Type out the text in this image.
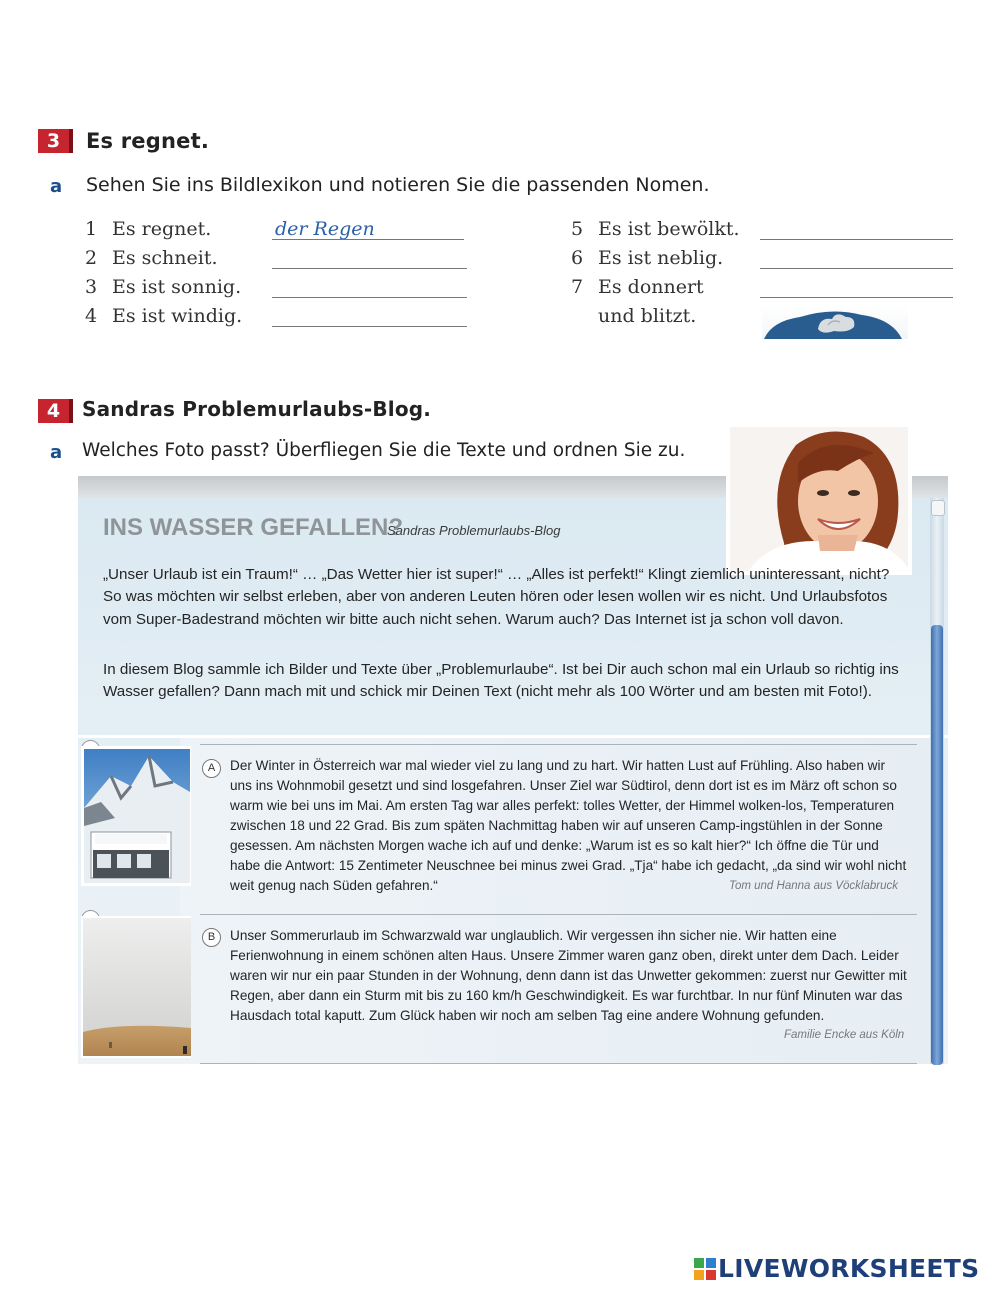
3	Es regnet.
a Sehen Sie ins Bildlexikon und notieren Sie die passenden Nomen.
1 Es regnet.	der Regen
2 Es schneit.
3 Es ist sonnig.
4 Es ist windig.
5 Es ist bewölkt.
6 Es ist neblig.
7 Es donnert
und blitzt.
4	Sandras Problemurlaubs-Blog.
a Welches Foto passt? Überfliegen Sie die Texte und ordnen Sie zu.
INS WASSER GEFALLEN?
Sandras Problemurlaubs-Blog

„Unser Urlaub ist ein Traum!“ … „Das Wetter hier ist super!“ … „Alles ist perfekt!“ Klingt ziemlich uninteressant, nicht? So was möchten wir selbst erleben, aber von anderen Leuten hören oder lesen wollen wir es nicht. Und Urlaubsfotos vom Super-Badestrand möchten wir bitte auch nicht sehen. Warum auch? Das Internet ist ja schon voll davon.

In diesem Blog sammle ich Bilder und Texte über „Problemurlaube“. Ist bei Dir auch schon mal ein Urlaub so richtig ins Wasser gefallen? Dann mach mit und schick mir Deinen Text (nicht mehr als 100 Wörter und am besten mit Foto!).

A	Der Winter in Österreich war mal wieder viel zu lang und zu hart. Wir hatten Lust auf Frühling. Also haben wir uns ins Wohnmobil gesetzt und sind losgefahren. Unser Ziel war Südtirol, denn dort ist es im März oft schon so warm wie bei uns im Mai. Am ersten Tag war alles perfekt: tolles Wetter, der Himmel wolken-los, Temperaturen zwischen 18 und 22 Grad. Bis zum späten Nachmittag haben wir auf unseren Camp-ingstühlen in der Sonne gesessen. Am nächsten Morgen wache ich auf und denke: „Warum ist es so kalt hier?“ Ich öffne die Tür und habe die Antwort: 15 Zentimeter Neuschnee bei minus zwei Grad. „Tja“ habe ich gedacht, „da sind wir wohl nicht weit genug nach Süden gefahren.“	Tom und Hanna aus Vöcklabruck
B	Unser Sommerurlaub im Schwarzwald war unglaublich. Wir vergessen ihn sicher nie. Wir hatten eine Ferienwohnung in einem schönen alten Haus. Unsere Zimmer waren ganz oben, direkt unter dem Dach. Leider waren wir nur ein paar Stunden in der Wohnung, denn dann ist das Unwetter gekommen: zuerst nur Gewitter mit Regen, aber dann ein Sturm mit bis zu 160 km/h Geschwindigkeit. Es war furchtbar. In nur fünf Minuten war das Hausdach total kaputt. Zum Glück haben wir noch am selben Tag eine andere Wohnung gefunden.

Familie Encke aus Köln
LIVEWORKSHEETS
